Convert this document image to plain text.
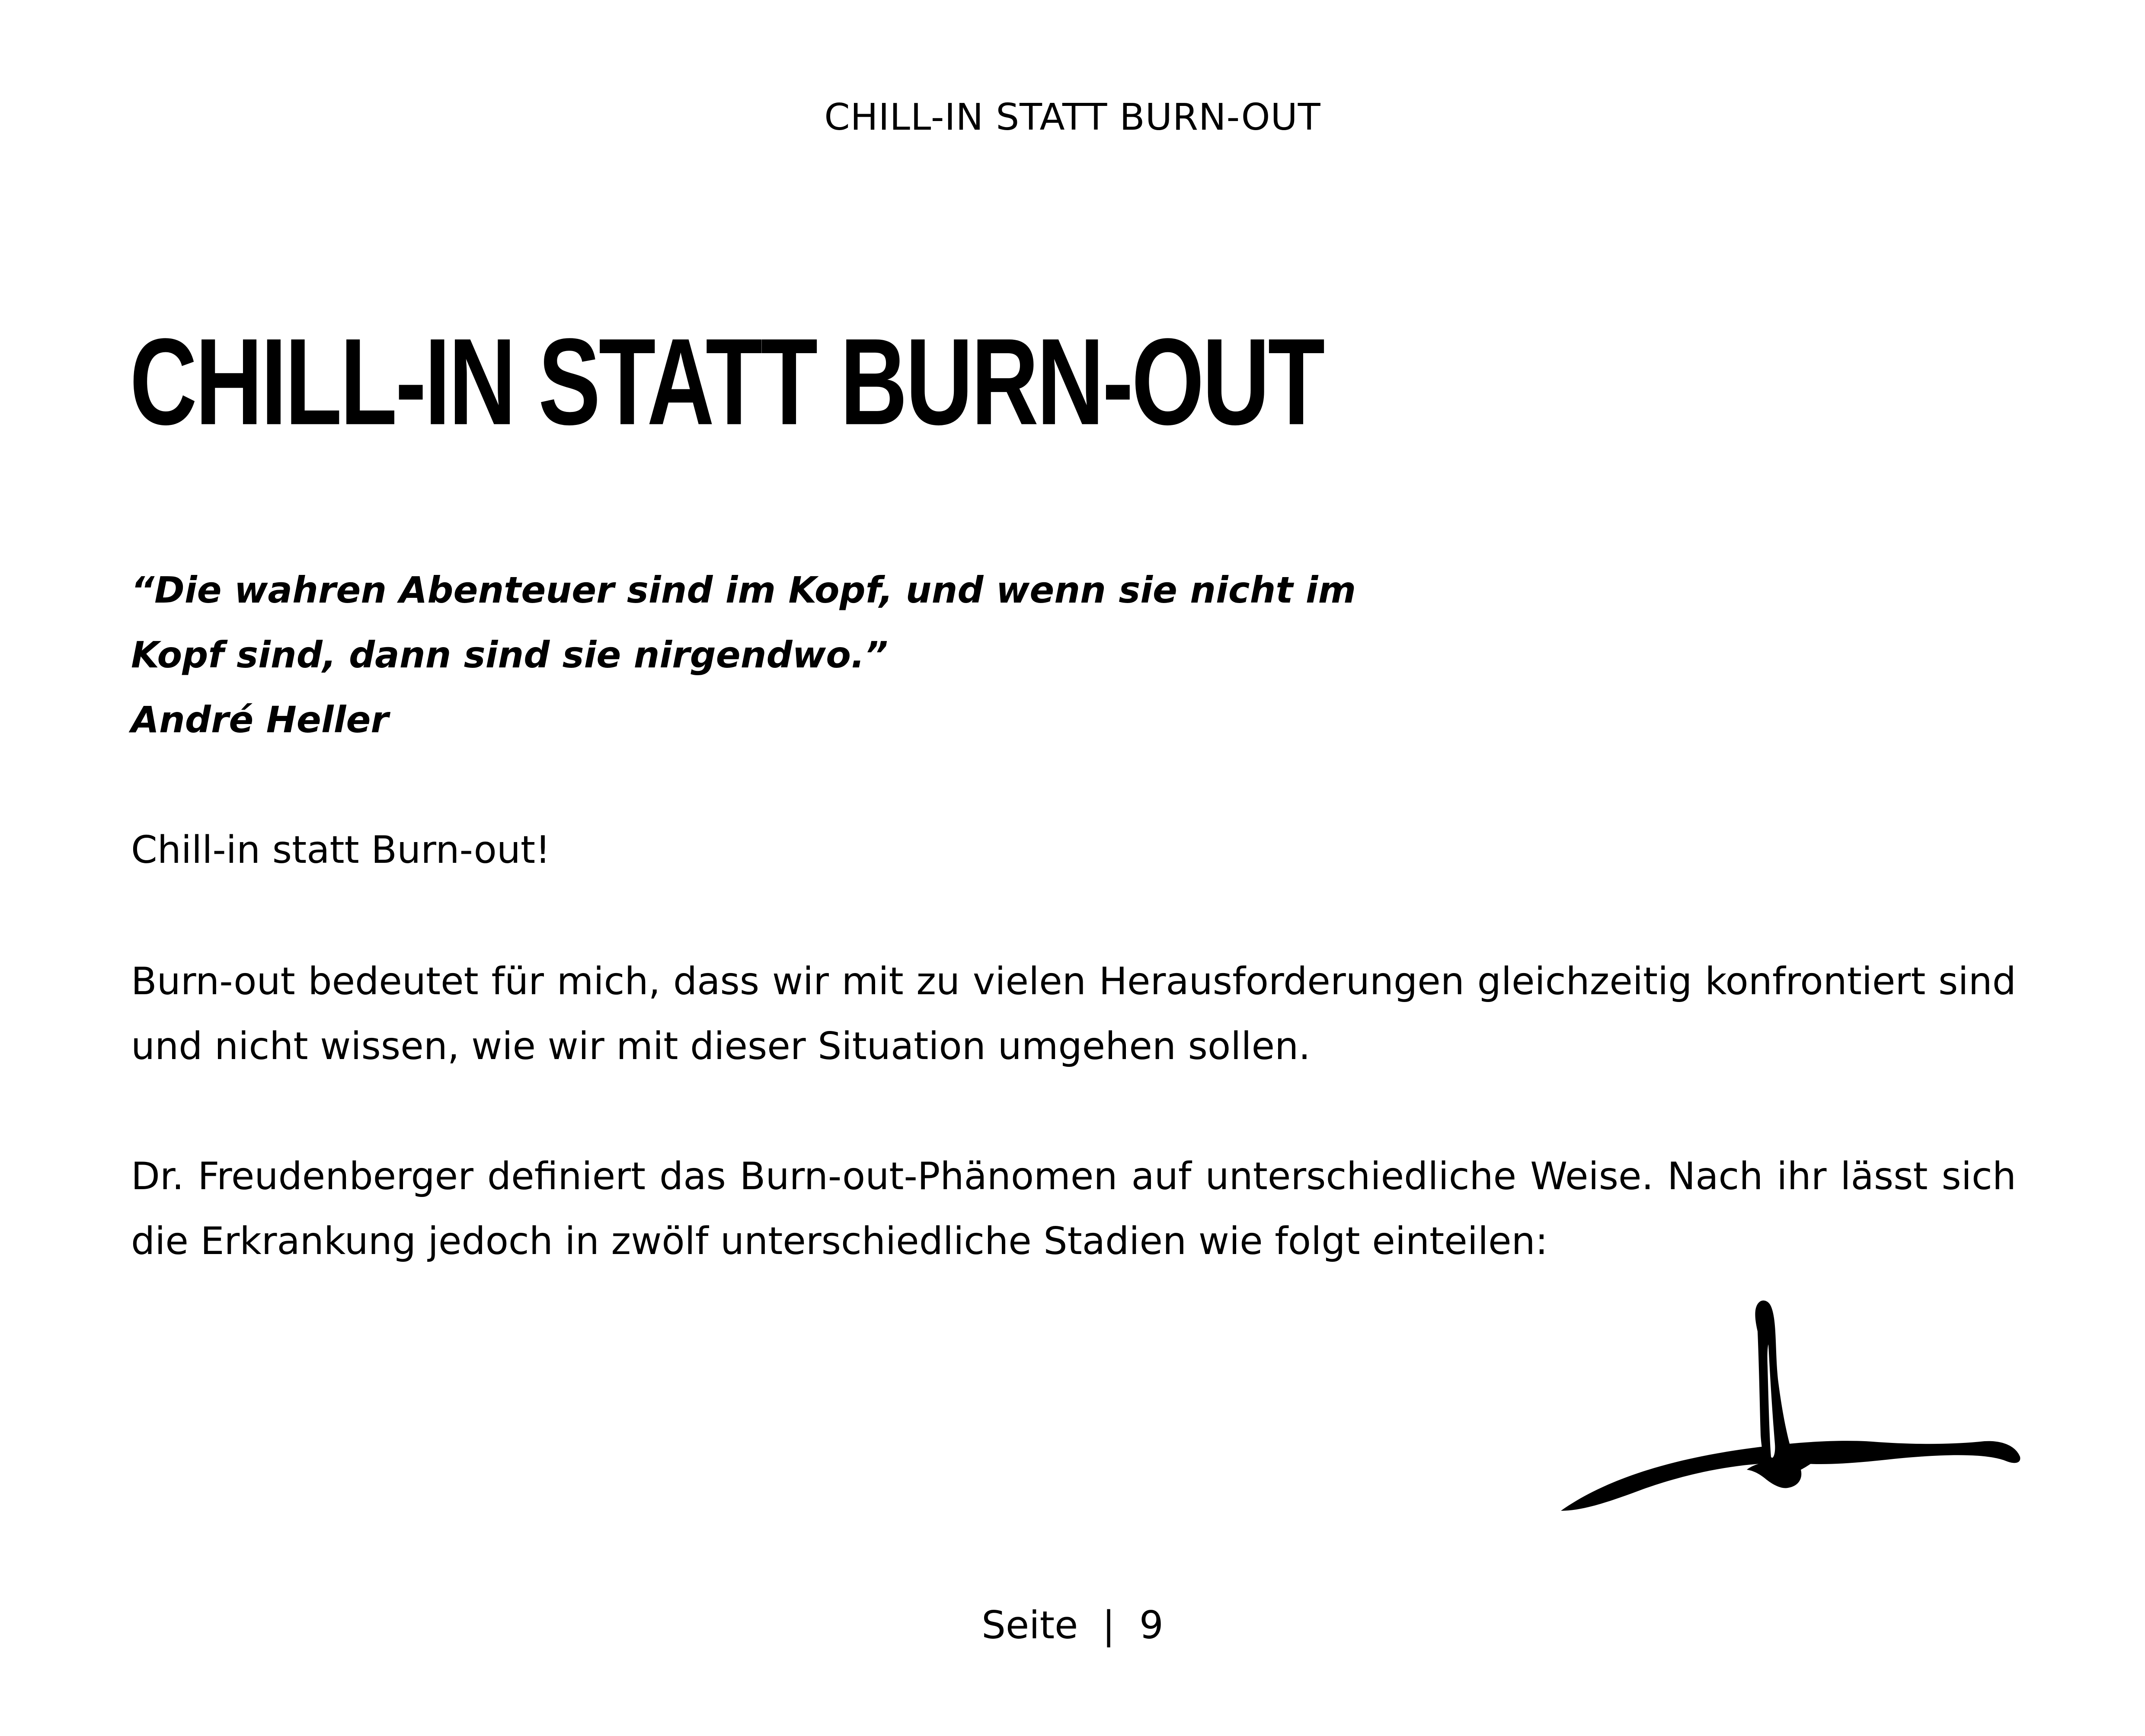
CHILL-IN STATT BURN-OUT
CHILL-IN STATT BURN-OUT
“Die wahren Abenteuer sind im Kopf, und wenn sie nicht im
Kopf sind, dann sind sie nirgendwo.”
André Heller

Chill-in statt Burn-out!

Burn-out bedeutet für mich, dass wir mit zu vielen Herausforderungen gleichzeitig konfrontiert sind und nicht wissen, wie wir mit dieser Situation umgehen sollen.

Dr. Freudenberger definiert das Burn-out-Phänomen auf unterschiedliche Weise. Nach ihr lässt sich die Erkrankung jedoch in zwölf unterschiedliche Stadien wie folgt einteilen:

Seite | 9
